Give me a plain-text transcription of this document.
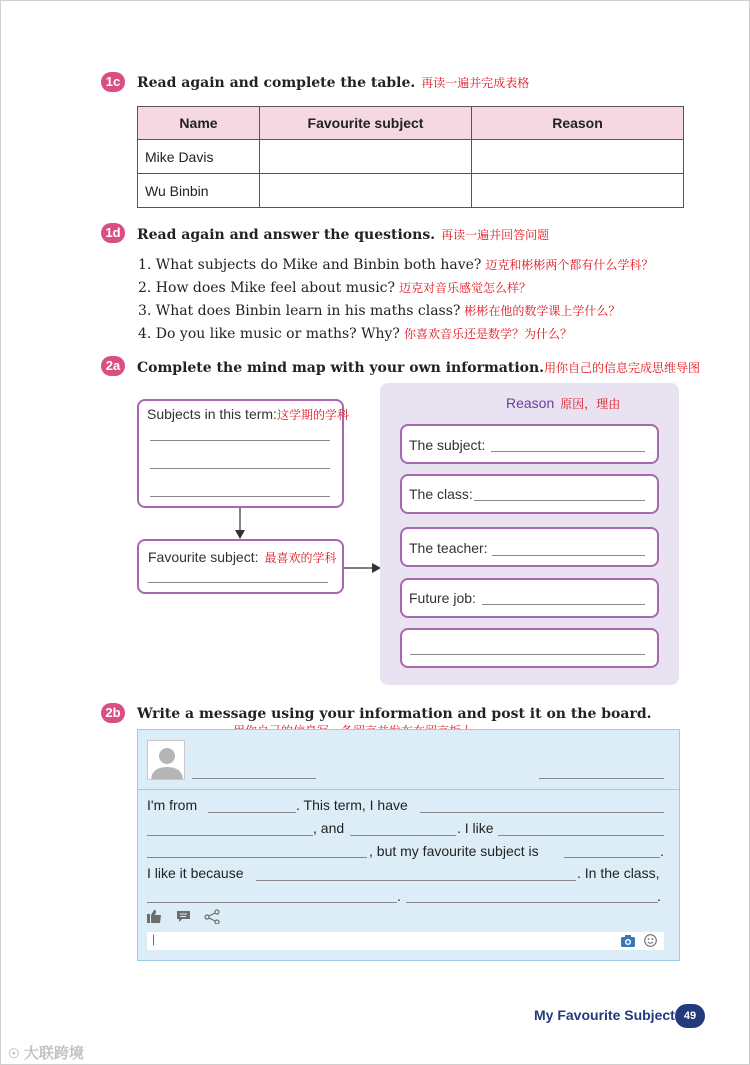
1c	Read again and complete the table. 再读一遍并完成表格
Name	Favourite subject	Reason
Mike Davis		
Wu Binbin		
1d	Read again and answer the questions. 再读一遍并回答问题
1. What subjects do Mike and Binbin both have? 迈克和彬彬两个都有什么学科？
2. How does Mike feel about music? 迈克对音乐感觉怎么样？
3. What does Binbin learn in his maths class? 彬彬在他的数学课上学什么？
4. Do you like music or maths? Why? 你喜欢音乐还是数学？为什么？
2a	Complete the mind map with your own information.用你自己的信息完成思维导图
Subjects in this term:这学期的学科
Favourite subject: 最喜欢的学科
Reason 原因，理由
The subject:
The class:
The teacher:
Future job:
2b	Write a message using your information and post it on the board.
I'm from	. This term, I have
, and	. I like
, but my favourite subject is	.
I like it because	. In the class,
.	.
|
My Favourite Subject 49
☉ 大联跨境
